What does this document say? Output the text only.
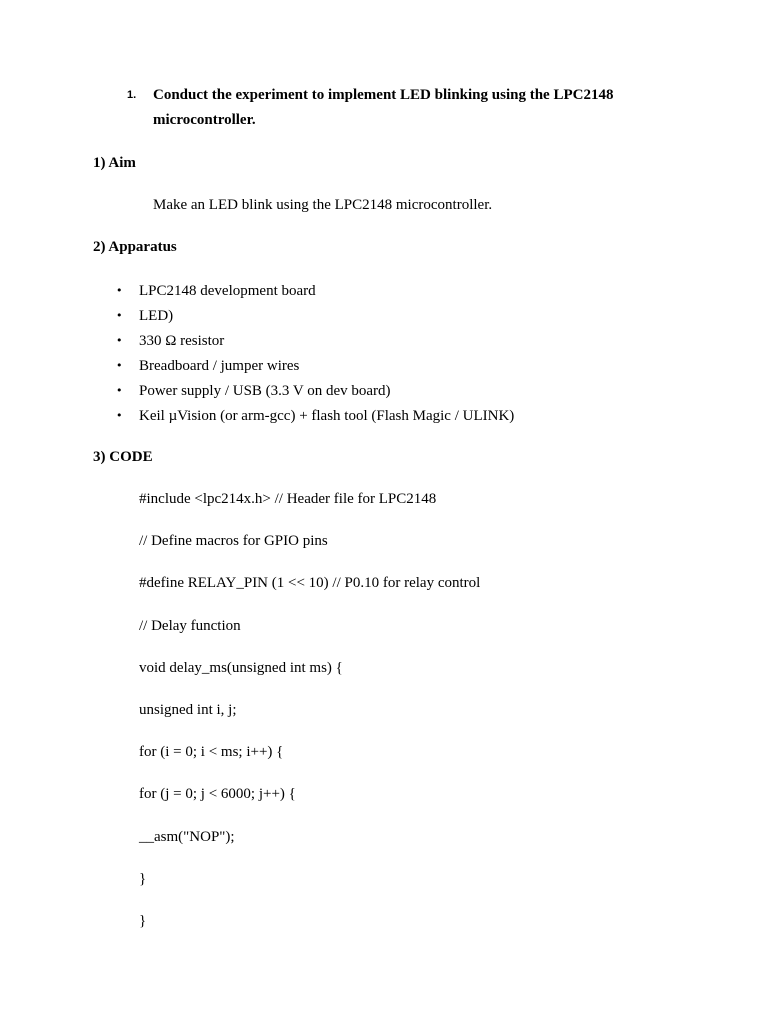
1. Conduct the experiment to implement LED blinking using the LPC2148
microcontroller.
1) Aim
Make an LED blink using the LPC2148 microcontroller.
2) Apparatus
•	LPC2148 development board
•	LED)
•	330 Ω resistor
•	Breadboard / jumper wires
•	Power supply / USB (3.3 V on dev board)
•	Keil µVision (or arm-gcc) + flash tool (Flash Magic / ULINK)
3) CODE
#include <lpc214x.h> // Header file for LPC2148
// Define macros for GPIO pins
#define RELAY_PIN (1 << 10) // P0.10 for relay control
// Delay function
void delay_ms(unsigned int ms) {
unsigned int i, j;
for (i = 0; i < ms; i++) {
for (j = 0; j < 6000; j++) {
__asm("NOP");
}
}
